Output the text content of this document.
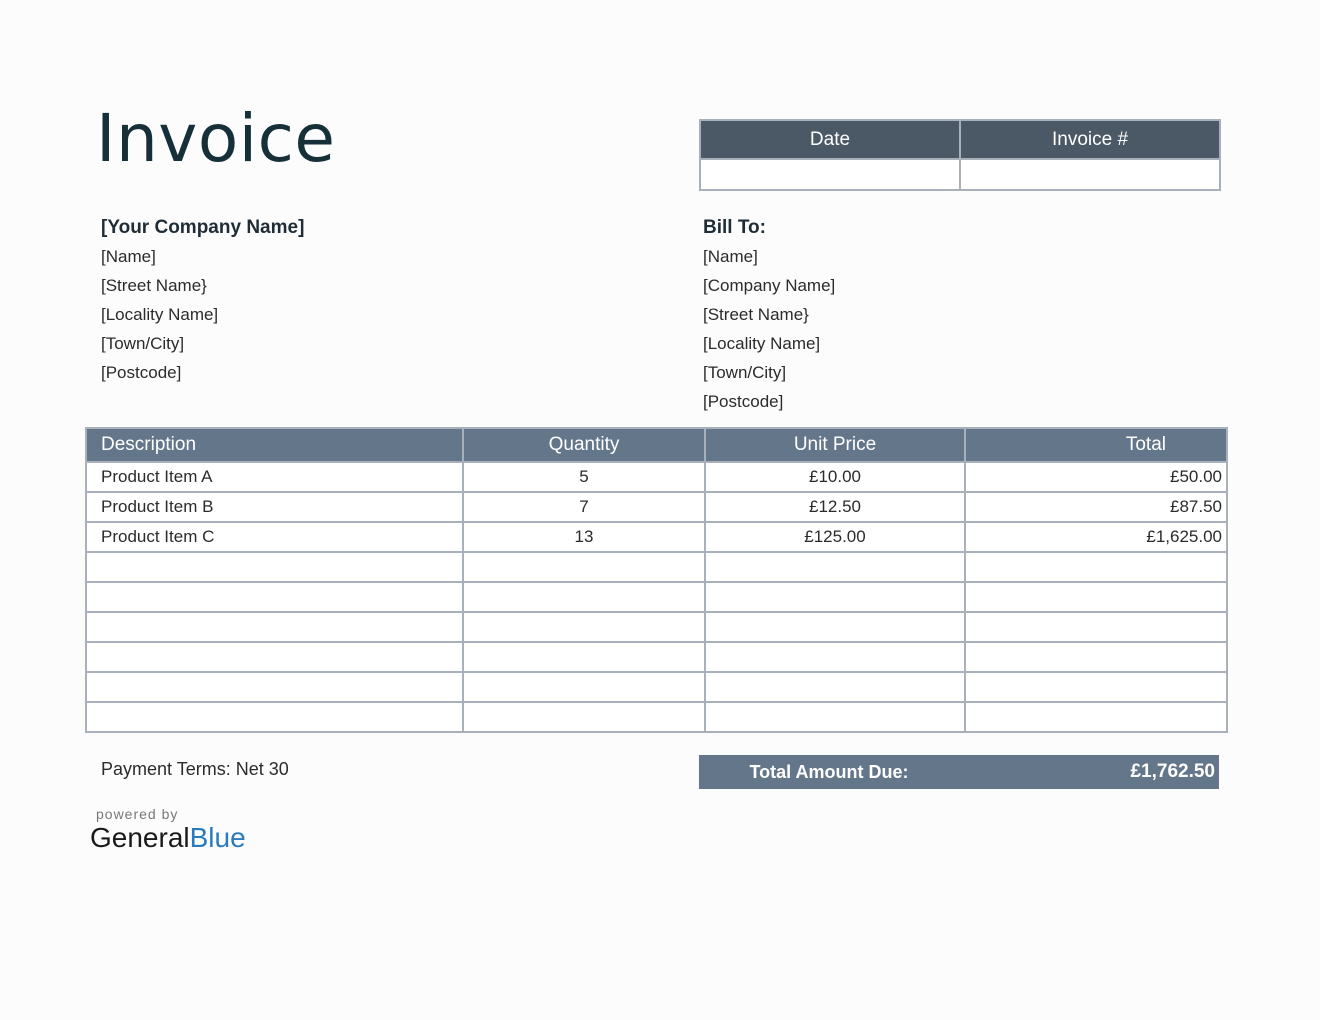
Invoice	Date	Invoice #

[Your Company Name]
[Name]
[Street Name}
[Locality Name]
[Town/City]
[Postcode]
Bill To:
[Name]
[Company Name]
[Street Name}
[Locality Name]
[Town/City]
[Postcode]
Description	Quantity	Unit Price	Total
Product Item A	5	£10.00	£50.00
Product Item B	7	£12.50	£87.50
Product Item C	13	£125.00	£1,625.00

Payment Terms: Net 30	Total Amount Due:	£1,762.50
powered by
GeneralBlue
